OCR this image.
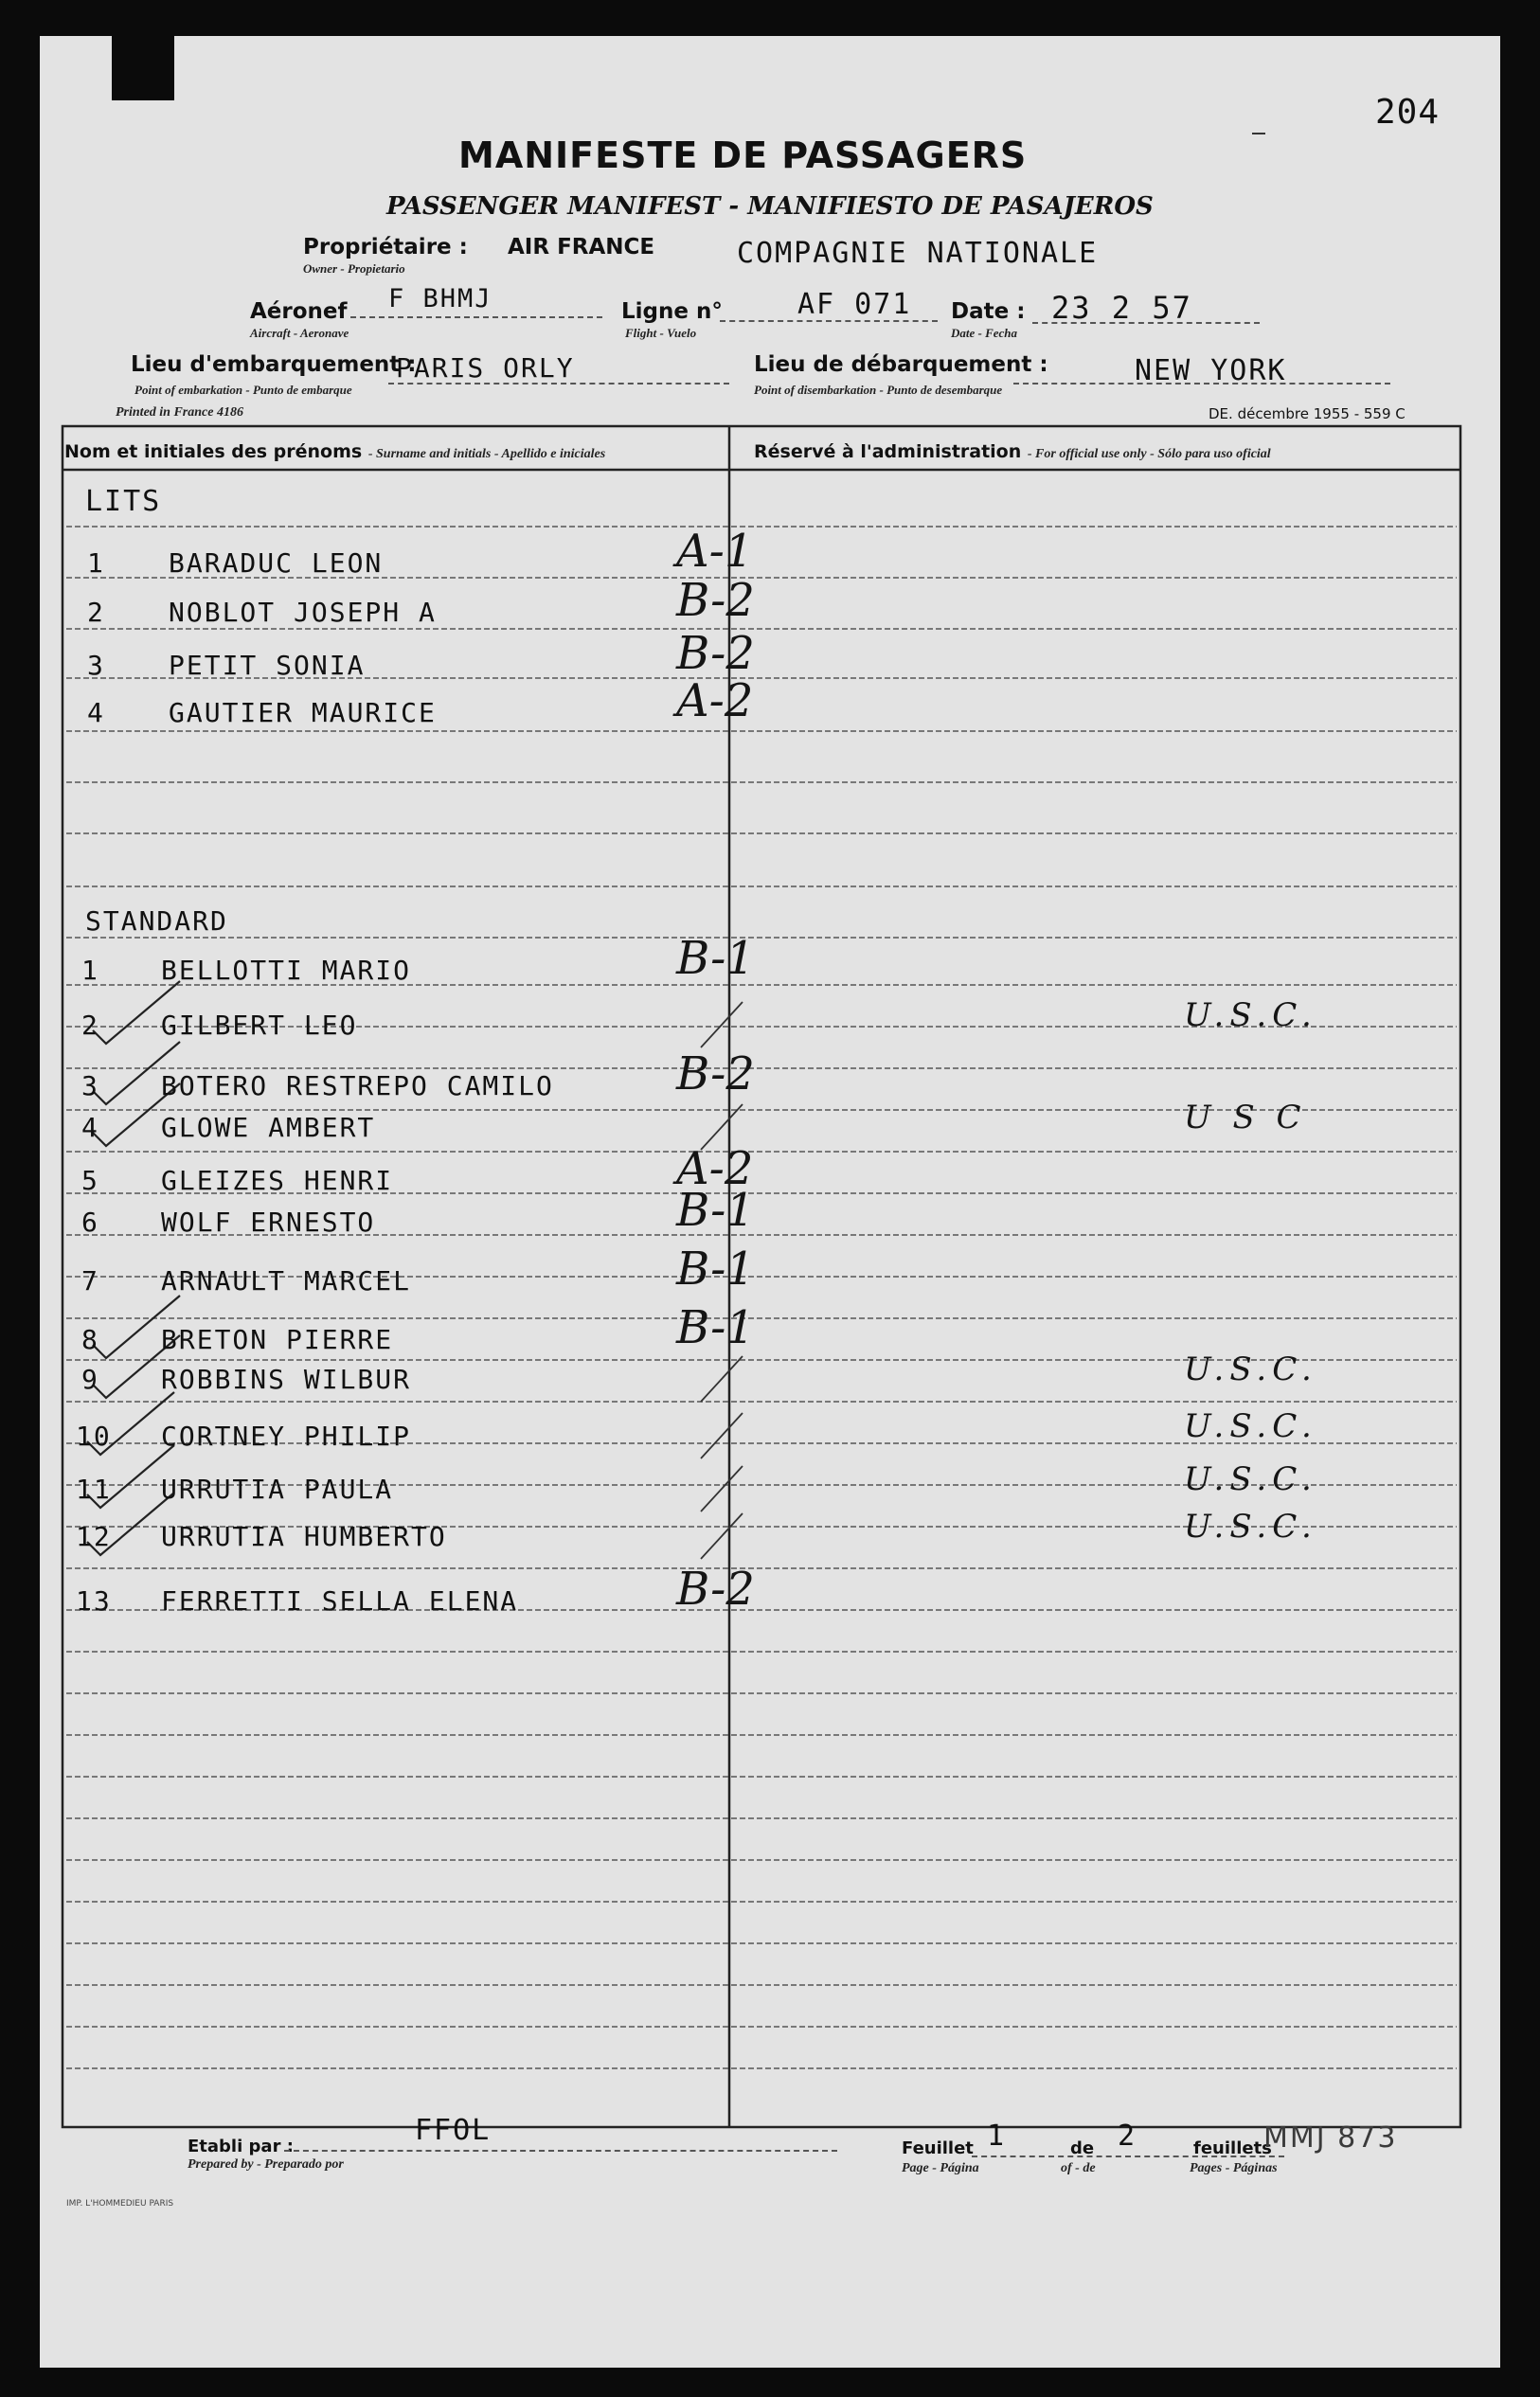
204
MANIFESTE DE PASSAGERS
PASSENGER MANIFEST - MANIFIESTO DE PASAJEROS
Propriétaire :
Owner - Propietario
AIR FRANCE	COMPAGNIE NATIONALE
Aéronef
Aircraft - Aeronave
F BHMJ	Ligne n°
Flight - Vuelo
AF 071 Date :
Date - Fecha
23 2 57
Lieu d'embarquement :
Point of embarkation - Punto de embarque
PARIS ORLY	Lieu de débarquement :
Point of disembarkation - Punto de desembarque
NEW YORK
Printed in France 4186	DE. décembre 1955 - 559 C
Nom et initiales des prénoms - Surname and initials - Apellido e iniciales	Réservé à l'administration - For official use only - Sólo para uso oficial
LITS
STANDARD
1 BARADUC LEON	A-1
2 NOBLOT JOSEPH A	B-2
3 PETIT SONIA	B-2
4 GAUTIER MAURICE	A-2
1 BELLOTTI MARIO	B-1
2 GILBERT LEO	U.S.C.
3 BOTERO RESTREPO CAMILO	B-2
4 GLOWE AMBERT	U S C
5 GLEIZES HENRI	A-2
6 WOLF ERNESTO	B-1
7 ARNAULT MARCEL	B-1
8 BRETON PIERRE	B-1
9 ROBBINS WILBUR	U.S.C.
10 CORTNEY PHILIP	U.S.C.
11 URRUTIA PAULA	U.S.C.
12 URRUTIA HUMBERTO	U.S.C.
13 FERRETTI SELLA ELENA	B-2
Etabli par :
Prepared by - Preparado por
FFOL
Feuillet 1	de 2	feuillets
Page - Página	of - de	Pages - Páginas
MMJ 873
IMP. L'HOMMEDIEU PARIS
